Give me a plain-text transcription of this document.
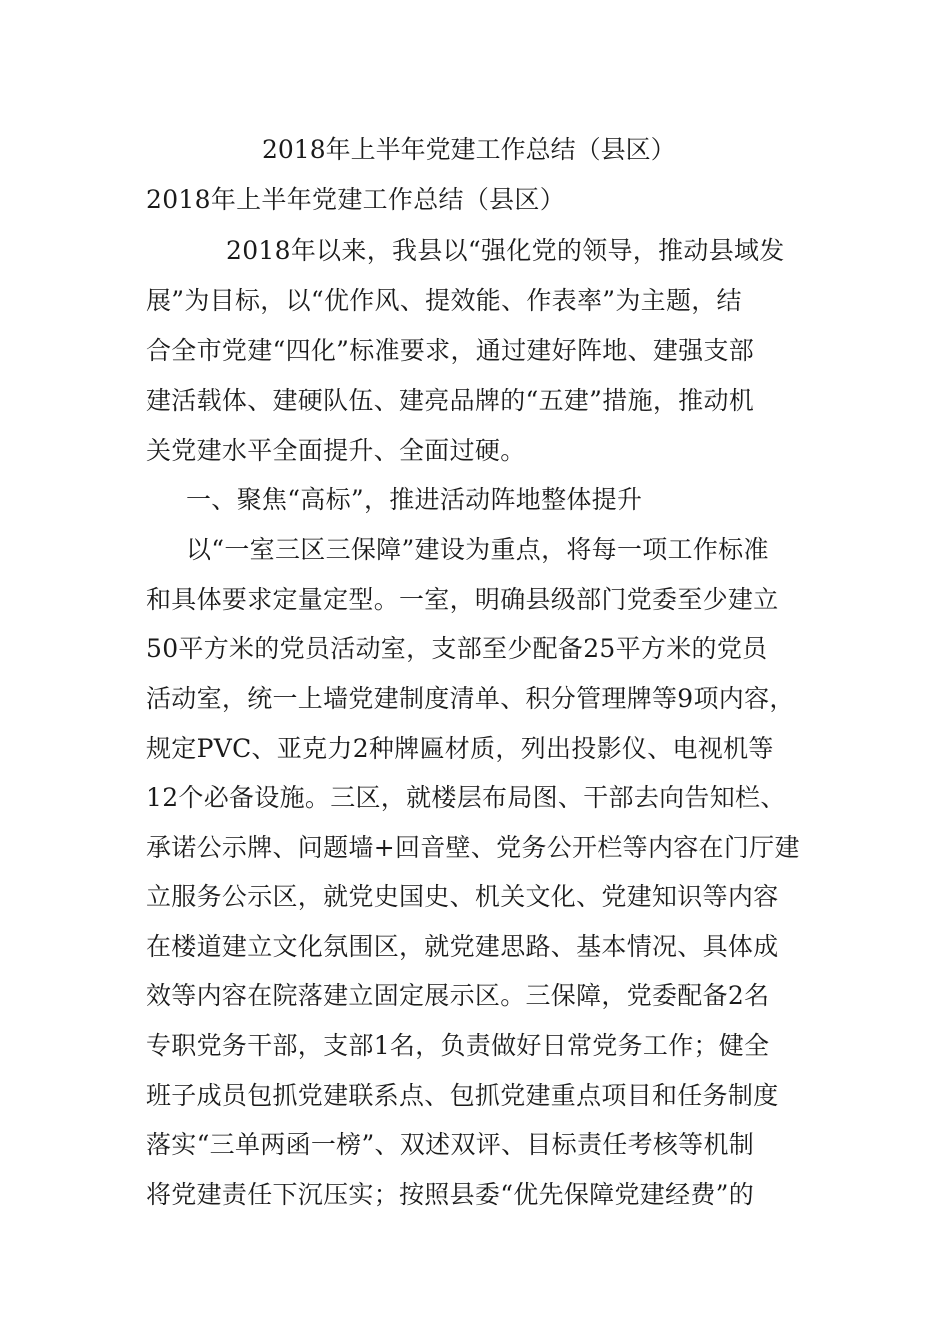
2018年上半年党建工作总结（县区）
2018年上半年党建工作总结（县区）
2018年以来，我县以“强化党的领导，推动县域发
展”为目标，以“优作风、提效能、作表率”为主题，结
合全市党建“四化”标准要求，通过建好阵地、建强支部
建活载体、建硬队伍、建亮品牌的“五建”措施，推动机
关党建水平全面提升、全面过硬。
一、聚焦“高标”，推进活动阵地整体提升
以“一室三区三保障”建设为重点，将每一项工作标准
和具体要求定量定型。一室，明确县级部门党委至少建立
50平方米的党员活动室，支部至少配备25平方米的党员
活动室，统一上墙党建制度清单、积分管理牌等9项内容，
规定PVC、亚克力2种牌匾材质，列出投影仪、电视机等
12个必备设施。三区，就楼层布局图、干部去向告知栏、
承诺公示牌、问题墙+回音壁、党务公开栏等内容在门厅建
立服务公示区，就党史国史、机关文化、党建知识等内容
在楼道建立文化氛围区，就党建思路、基本情况、具体成
效等内容在院落建立固定展示区。三保障，党委配备2名
专职党务干部，支部1名，负责做好日常党务工作；健全
班子成员包抓党建联系点、包抓党建重点项目和任务制度
落实“三单两函一榜”、双述双评、目标责任考核等机制
将党建责任下沉压实；按照县委“优先保障党建经费”的
